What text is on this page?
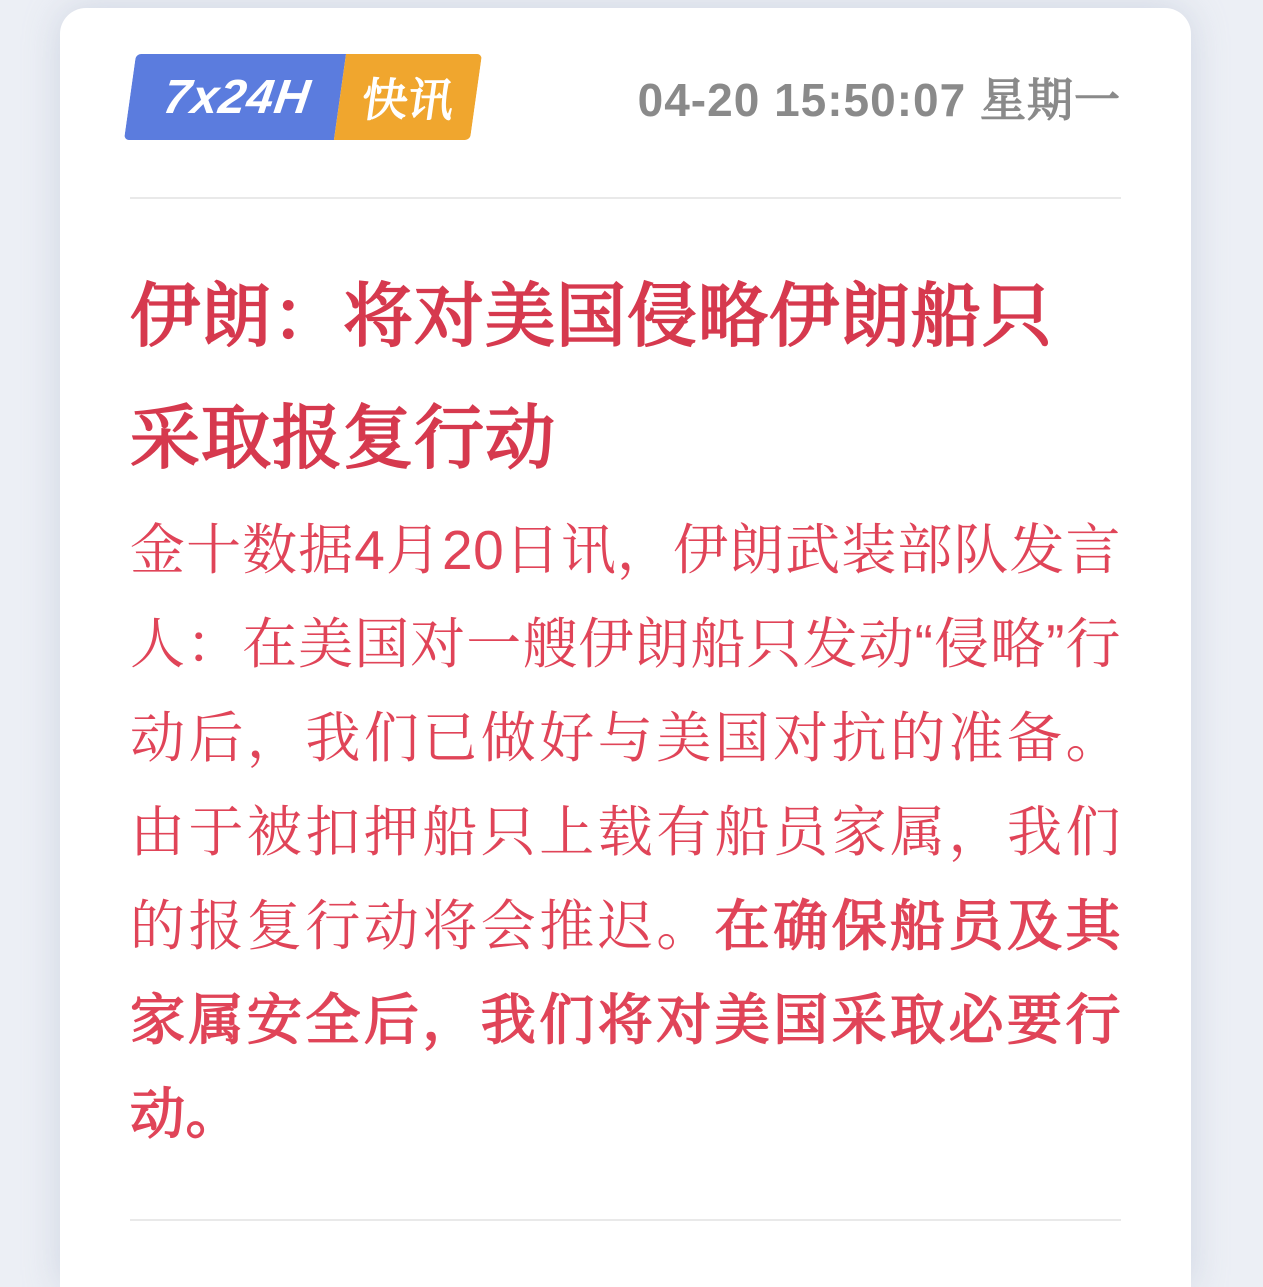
7x24H 快讯	04-20 15:50:07 星期一
伊朗：将对美国侵略伊朗船只采取报复行动

金十数据4月20日讯，伊朗武装部队发言人：在美国对一艘伊朗船只发动“侵略”行动后，我们已做好与美国对抗的准备。由于被扣押船只上载有船员家属，我们的报复行动将会推迟。在确保船员及其家属安全后，我们将对美国采取必要行动。
